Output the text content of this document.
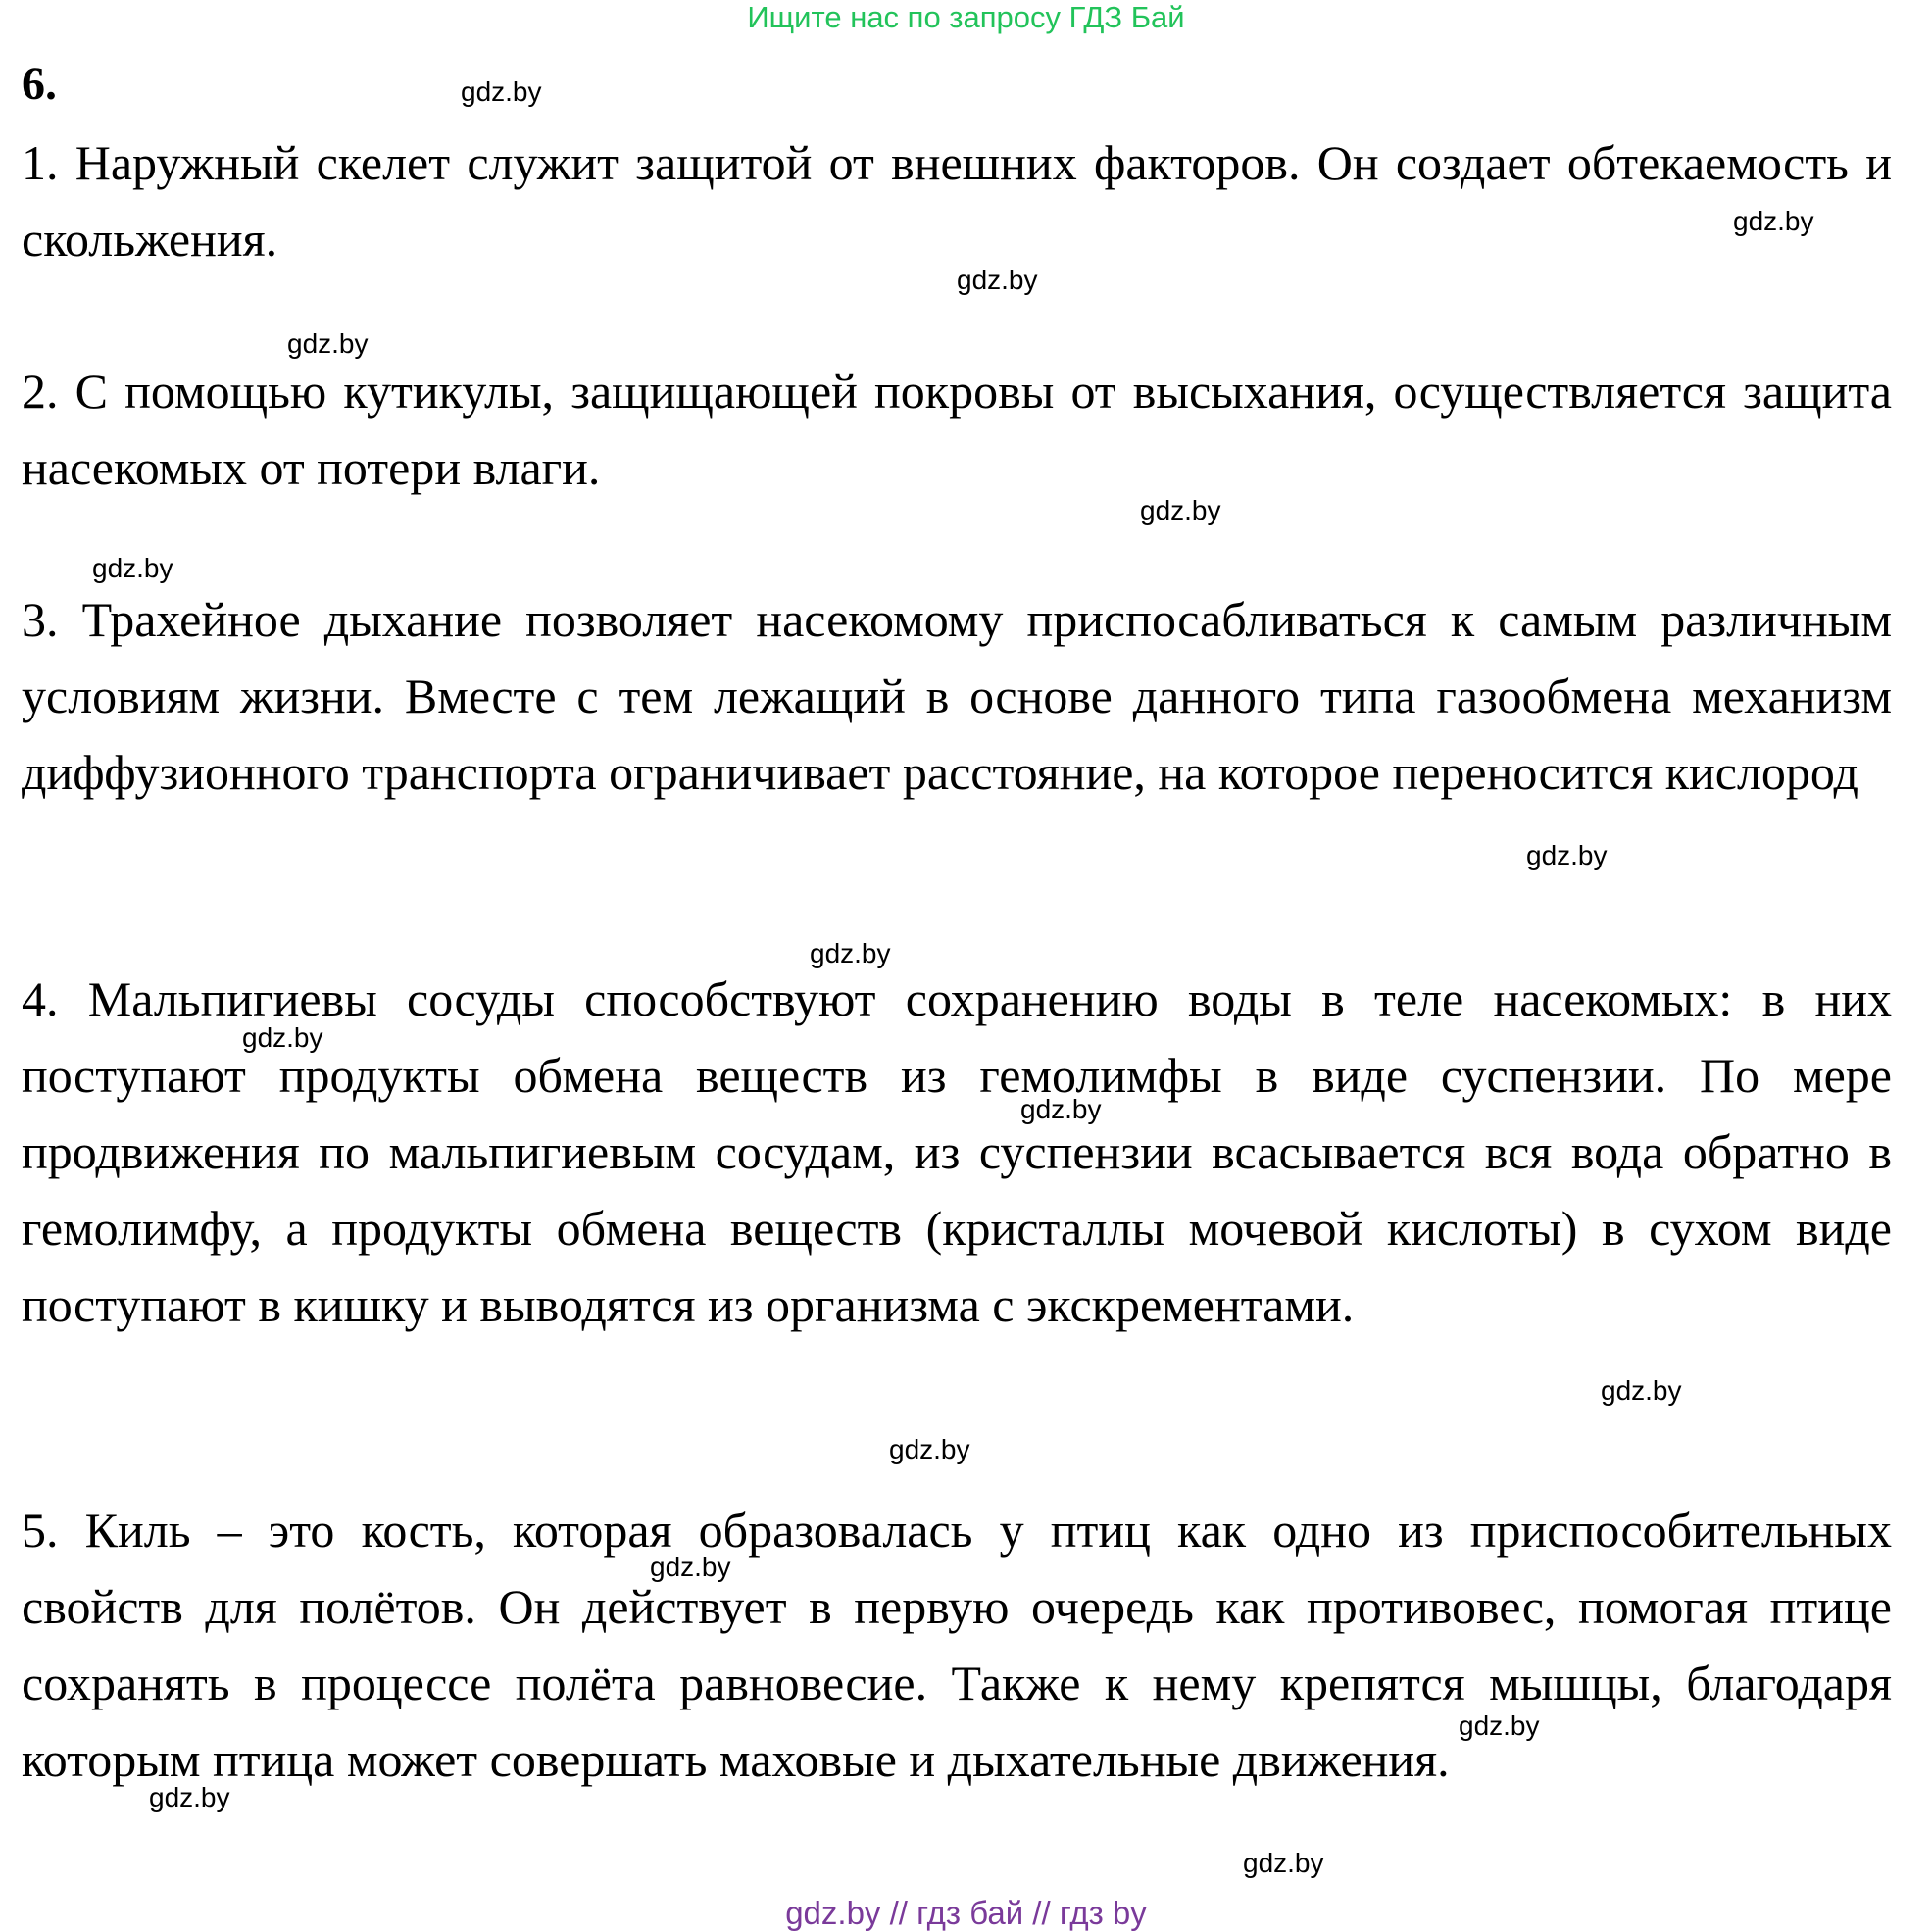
Ищите нас по запросу ГДЗ Бай
6.

1. Наружный скелет служит защитой от внешних факторов. Он создает обтекаемость и скольжения.

2. С помощью кутикулы, защищающей покровы от высыхания, осуществляется защита насекомых от потери влаги.

3. Трахейное дыхание позволяет насекомому приспосабливаться к самым различным условиям жизни. Вместе с тем лежащий в основе данного типа газообмена механизм диффузионного транспорта ограничивает расстояние, на которое переносится кислород

4. Мальпигиевы сосуды способствуют сохранению воды в теле насекомых: в них поступают продукты обмена веществ из гемолимфы в виде суспензии. По мере продвижения по мальпигиевым сосудам, из суспензии всасывается вся вода обратно в гемолимфу, а продукты обмена веществ (кристаллы мочевой кислоты) в сухом виде поступают в кишку и выводятся из организма с экскрементами.

5. Киль – это кость, которая образовалась у птиц как одно из приспособительных свойств для полётов. Он действует в первую очередь как противовес, помогая птице сохранять в процессе полёта равновесие. Также к нему крепятся мышцы, благодаря которым птица может совершать маховые и дыхательные движения.

gdz.by
gdz.by
gdz.by
gdz.by
gdz.by
gdz.by
gdz.by
gdz.by
gdz.by
gdz.by
gdz.by
gdz.by
gdz.by
gdz.by
gdz.by
gdz.by
gdz.by // гдз бай // гдз by
